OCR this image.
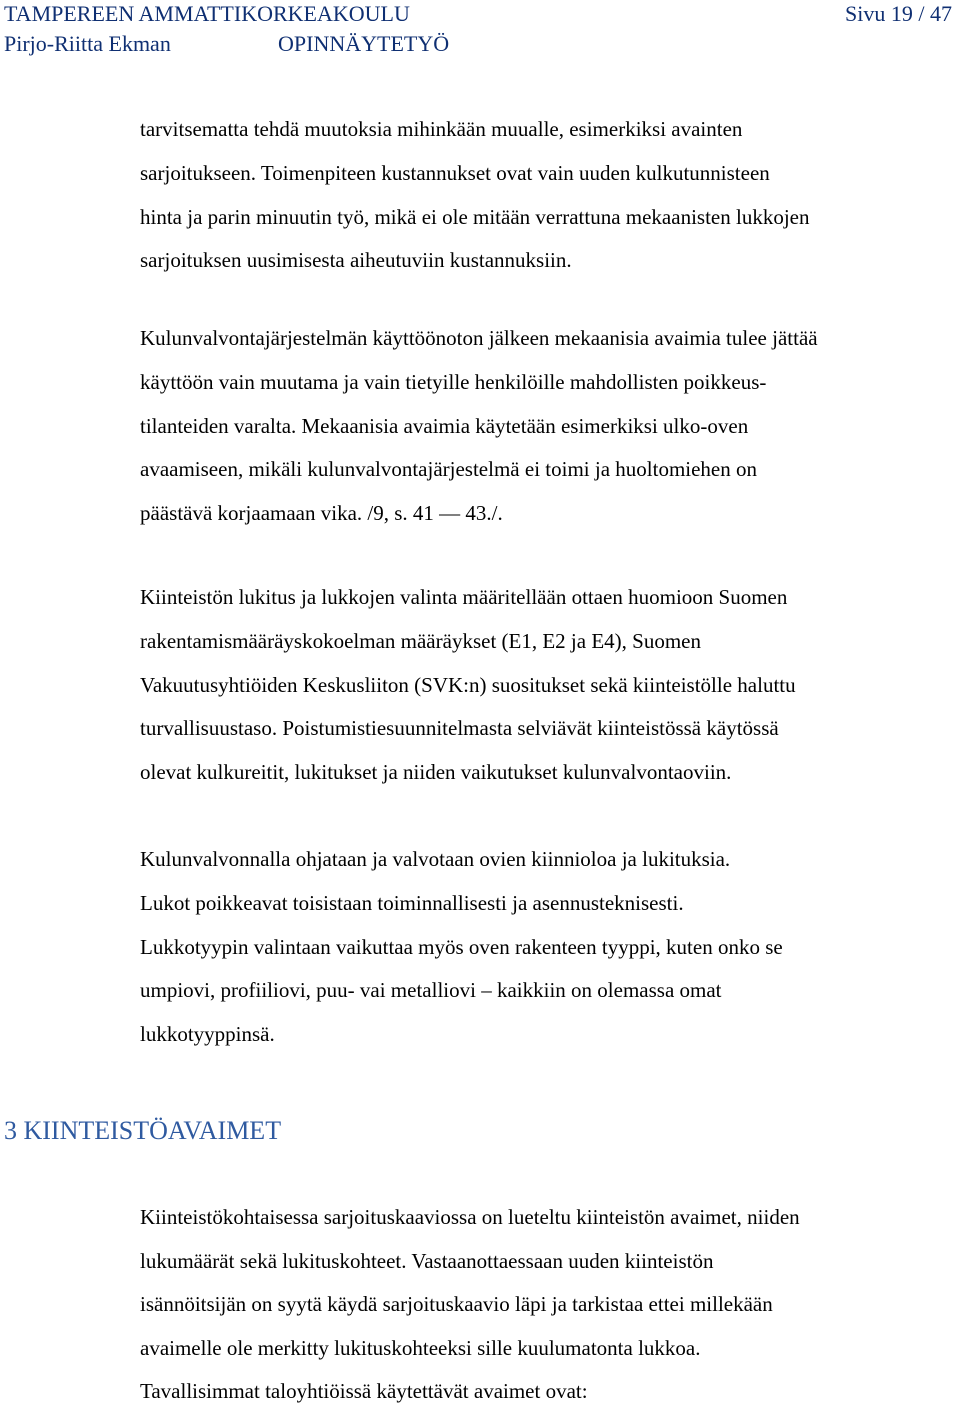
TAMPEREEN AMMATTIKORKEAKOULU	Sivu 19 / 47
Pirjo-Riitta Ekman	OPINNÄYTETYÖ

tarvitsematta tehdä muutoksia mihinkään muualle, esimerkiksi avainten
sarjoitukseen. Toimenpiteen kustannukset ovat vain uuden kulkutunnisteen
hinta ja parin minuutin työ, mikä ei ole mitään verrattuna mekaanisten lukkojen
sarjoituksen uusimisesta aiheutuviin kustannuksiin.

Kulunvalvontajärjestelmän käyttöönoton jälkeen mekaanisia avaimia tulee jättää
käyttöön vain muutama ja vain tietyille henkilöille mahdollisten poikkeus-
tilanteiden varalta. Mekaanisia avaimia käytetään esimerkiksi ulko-oven
avaamiseen, mikäli kulunvalvontajärjestelmä ei toimi ja huoltomiehen on
päästävä korjaamaan vika. /9, s. 41 — 43./.

Kiinteistön lukitus ja lukkojen valinta määritellään ottaen huomioon Suomen
rakentamismääräyskokoelman määräykset (E1, E2 ja E4), Suomen
Vakuutusyhtiöiden Keskusliiton (SVK:n) suositukset sekä kiinteistölle haluttu
turvallisuustaso. Poistumistiesuunnitelmasta selviävät kiinteistössä käytössä
olevat kulkureitit, lukitukset ja niiden vaikutukset kulunvalvontaoviin.

Kulunvalvonnalla ohjataan ja valvotaan ovien kiinnioloa ja lukituksia.
Lukot poikkeavat toisistaan toiminnallisesti ja asennusteknisesti.
Lukkotyypin valintaan vaikuttaa myös oven rakenteen tyyppi, kuten onko se
umpiovi, profiiliovi, puu- vai metalliovi – kaikkiin on olemassa omat
lukkotyyppinsä.

3 KIINTEISTÖAVAIMET

Kiinteistökohtaisessa sarjoituskaaviossa on lueteltu kiinteistön avaimet, niiden
lukumäärät sekä lukituskohteet. Vastaanottaessaan uuden kiinteistön
isännöitsijän on syytä käydä sarjoituskaavio läpi ja tarkistaa ettei millekään
avaimelle ole merkitty lukituskohteeksi sille kuulumatonta lukkoa.
Tavallisimmat taloyhtiöissä käytettävät avaimet ovat:
